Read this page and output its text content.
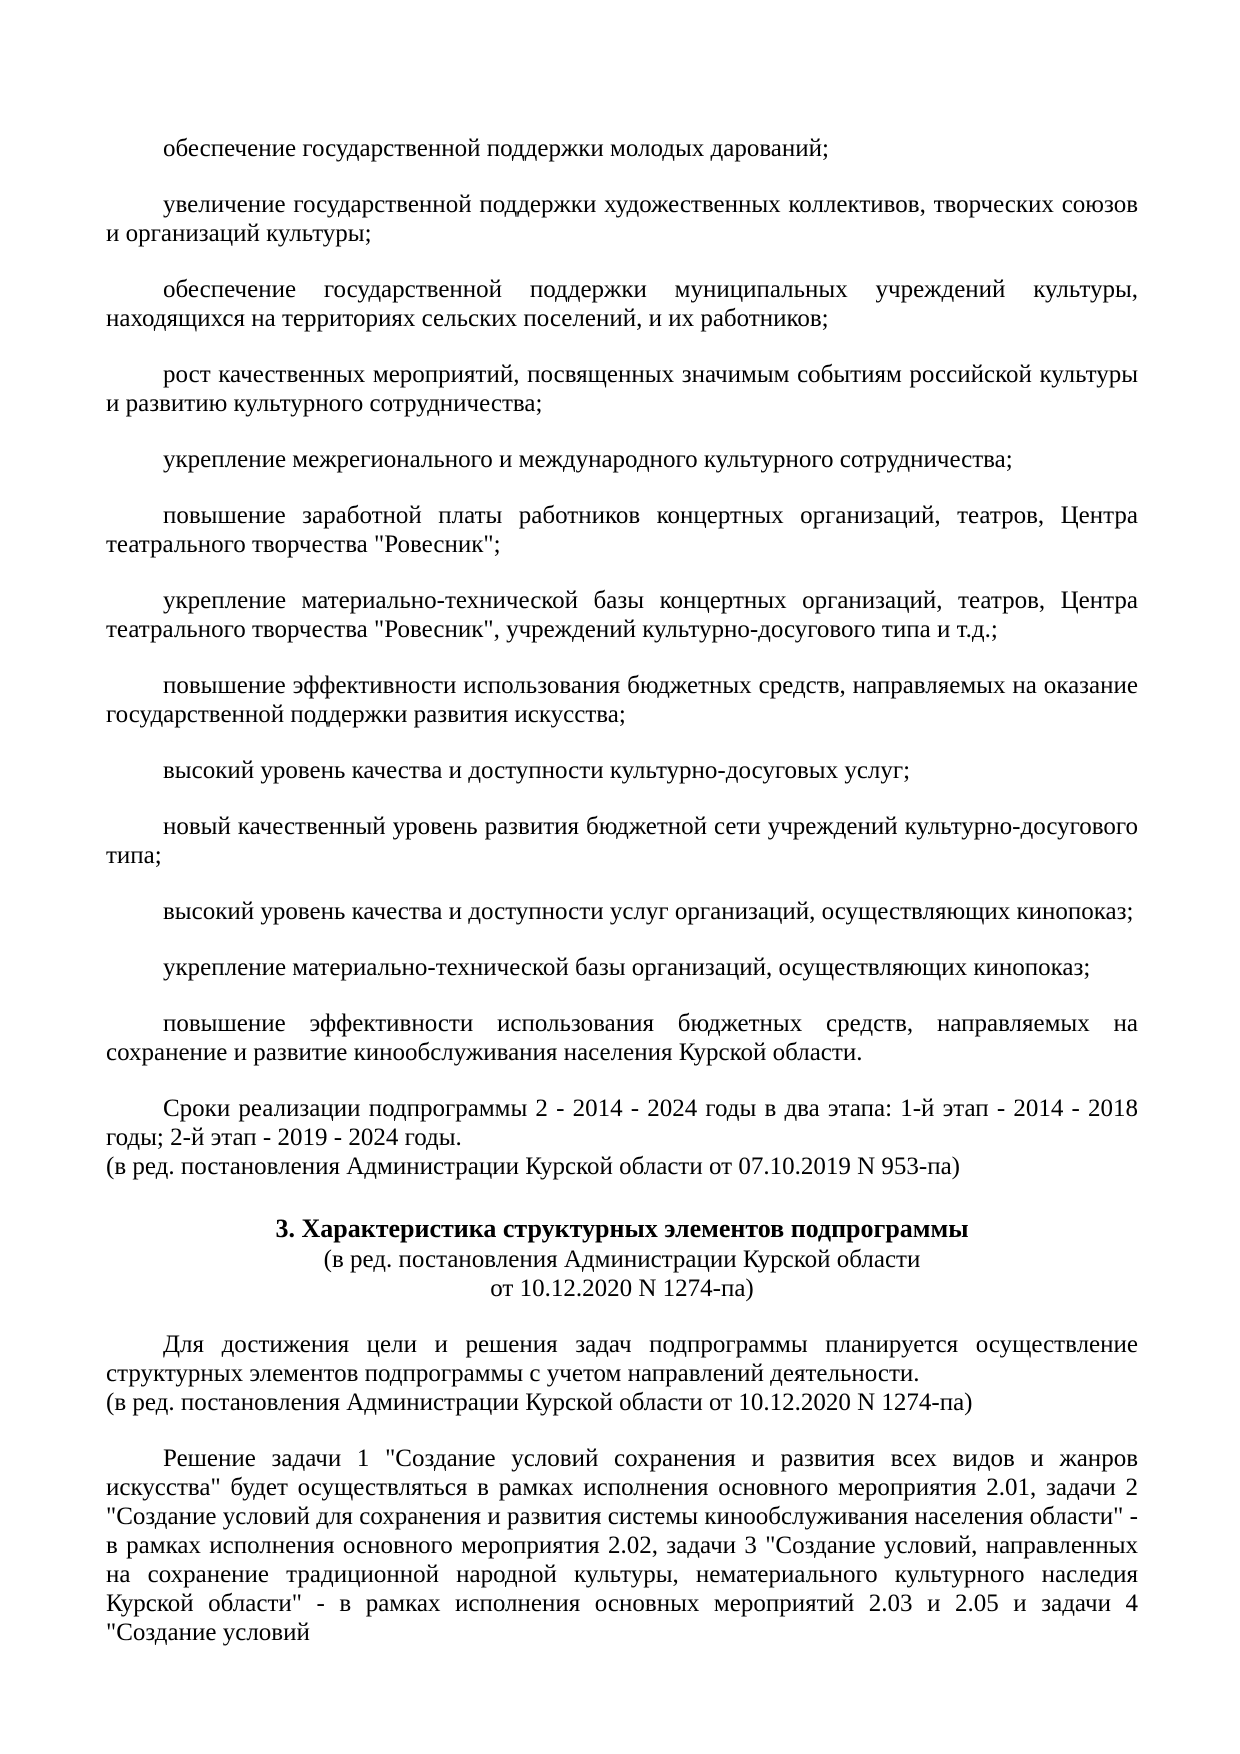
обеспечение государственной поддержки молодых дарований;

увеличение государственной поддержки художественных коллективов, творческих союзов и организаций культуры;

обеспечение государственной поддержки муниципальных учреждений культуры, находящихся на территориях сельских поселений, и их работников;

рост качественных мероприятий, посвященных значимым событиям российской культуры и развитию культурного сотрудничества;

укрепление межрегионального и международного культурного сотрудничества;

повышение заработной платы работников концертных организаций, театров, Центра театрального творчества "Ровесник";

укрепление материально-технической базы концертных организаций, театров, Центра театрального творчества "Ровесник", учреждений культурно-досугового типа и т.д.;

повышение эффективности использования бюджетных средств, направляемых на оказание государственной поддержки развития искусства;

высокий уровень качества и доступности культурно-досуговых услуг;

новый качественный уровень развития бюджетной сети учреждений культурно-досугового типа;

высокий уровень качества и доступности услуг организаций, осуществляющих кинопоказ;

укрепление материально-технической базы организаций, осуществляющих кинопоказ;

повышение эффективности использования бюджетных средств, направляемых на сохранение и развитие кинообслуживания населения Курской области.

Сроки реализации подпрограммы 2 - 2014 - 2024 годы в два этапа: 1-й этап - 2014 - 2018 годы; 2-й этап - 2019 - 2024 годы.

(в ред. постановления Администрации Курской области от 07.10.2019 N 953-па)

3. Характеристика структурных элементов подпрограммы

(в ред. постановления Администрации Курской области

от 10.12.2020 N 1274-па)

Для достижения цели и решения задач подпрограммы планируется осуществление структурных элементов подпрограммы с учетом направлений деятельности.

(в ред. постановления Администрации Курской области от 10.12.2020 N 1274-па)

Решение задачи 1 "Создание условий сохранения и развития всех видов и жанров искусства" будет осуществляться в рамках исполнения основного мероприятия 2.01, задачи 2 "Создание условий для сохранения и развития системы кинообслуживания населения области" - в рамках исполнения основного мероприятия 2.02, задачи 3 "Создание условий, направленных на сохранение традиционной народной культуры, нематериального культурного наследия Курской области" - в рамках исполнения основных мероприятий 2.03 и 2.05 и задачи 4 "Создание условий
